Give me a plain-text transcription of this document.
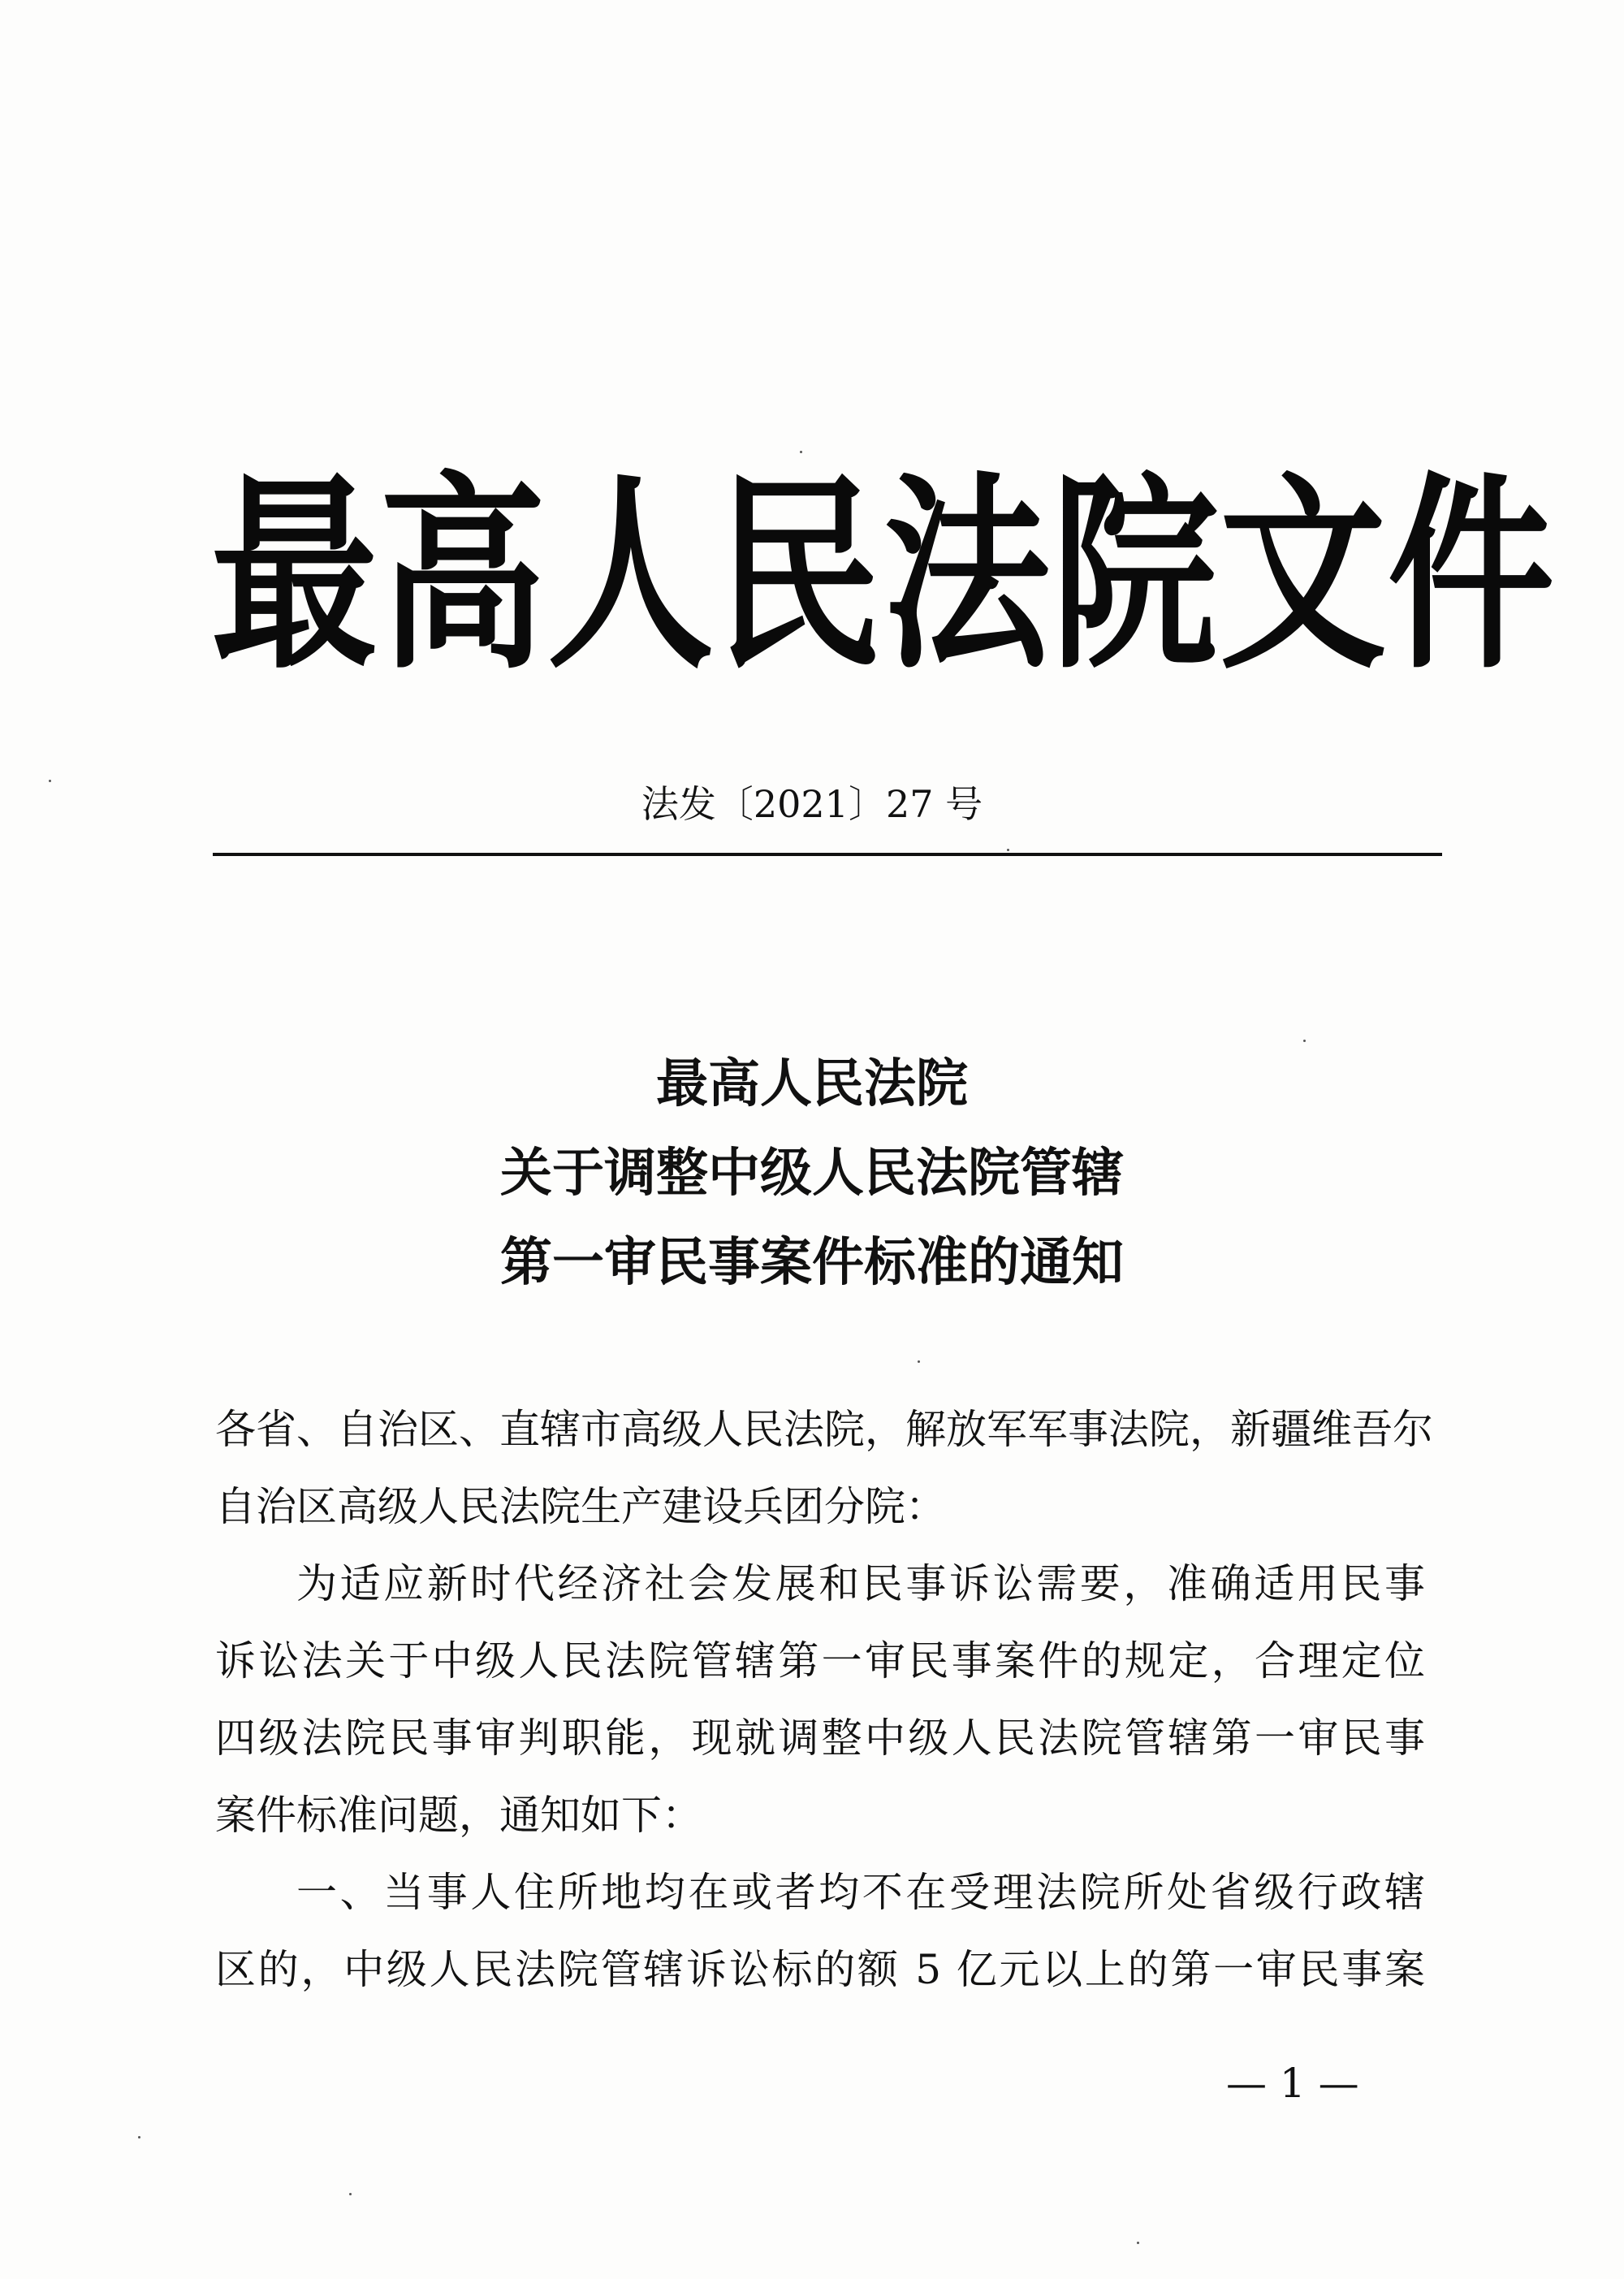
最高人民法院文件
法发〔2021〕27 号
最高人民法院
关于调整中级人民法院管辖
第一审民事案件标准的通知
各省、自治区、直辖市高级人民法院，解放军军事法院，新疆维吾尔
自治区高级人民法院生产建设兵团分院：
为适应新时代经济社会发展和民事诉讼需要，准确适用民事
诉讼法关于中级人民法院管辖第一审民事案件的规定，合理定位
四级法院民事审判职能，现就调整中级人民法院管辖第一审民事
案件标准问题，通知如下：
一、当事人住所地均在或者均不在受理法院所处省级行政辖
区的，中级人民法院管辖诉讼标的额 5 亿元以上的第一审民事案
— 1 —
